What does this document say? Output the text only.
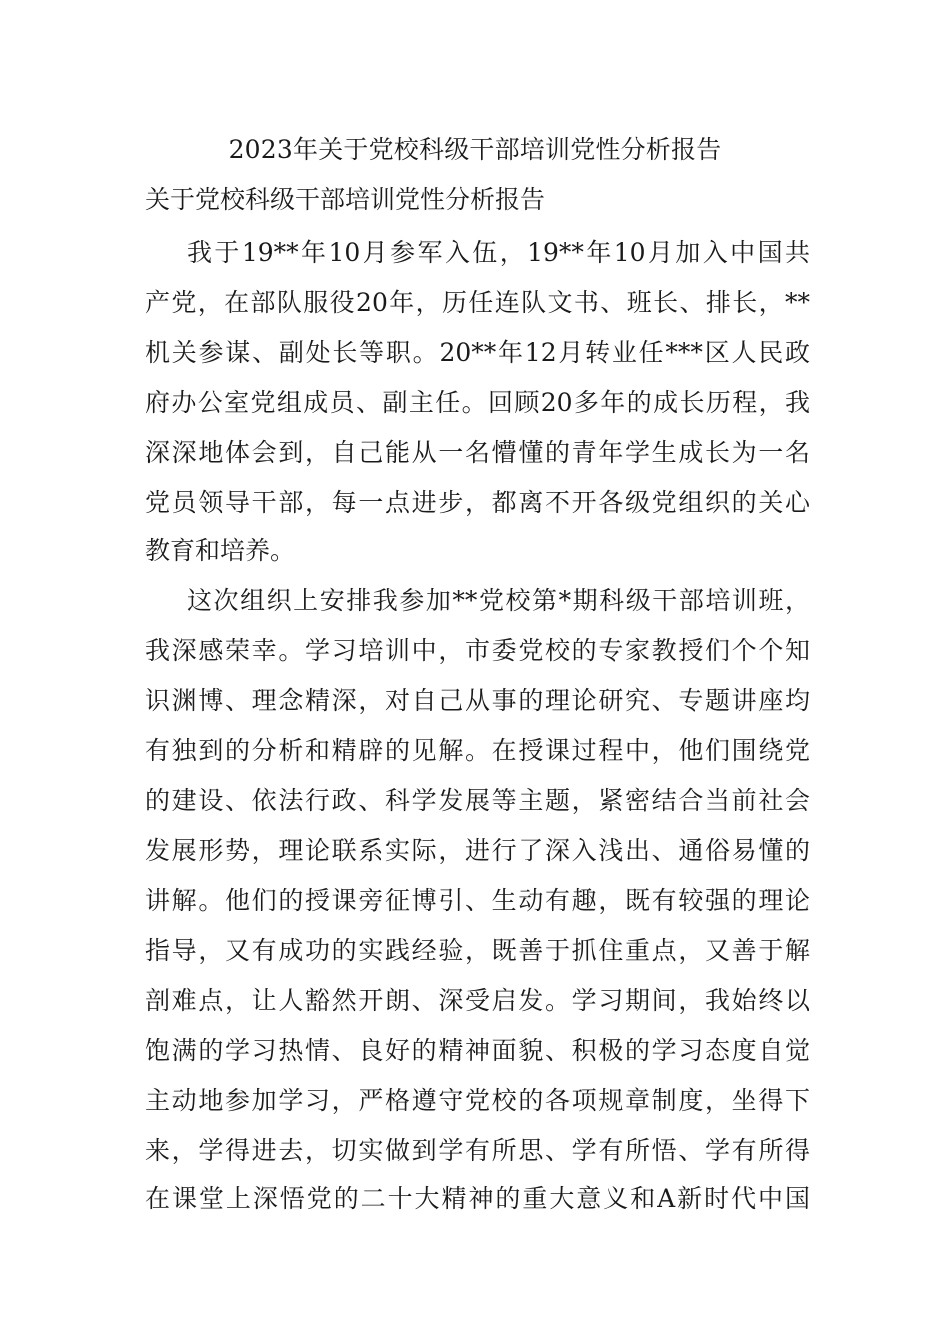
2023年关于党校科级干部培训党性分析报告
关于党校科级干部培训党性分析报告
我于19**年10月参军入伍，19**年10月加入中国共
产党，在部队服役20年，历任连队文书、班长、排长，**
机关参谋、副处长等职。20**年12月转业任***区人民政
府办公室党组成员、副主任。回顾20多年的成长历程，我
深深地体会到，自己能从一名懵懂的青年学生成长为一名
党员领导干部，每一点进步，都离不开各级党组织的关心
教育和培养。
这次组织上安排我参加**党校第*期科级干部培训班，
我深感荣幸。学习培训中，市委党校的专家教授们个个知
识渊博、理念精深，对自己从事的理论研究、专题讲座均
有独到的分析和精辟的见解。在授课过程中，他们围绕党
的建设、依法行政、科学发展等主题，紧密结合当前社会
发展形势，理论联系实际，进行了深入浅出、通俗易懂的
讲解。他们的授课旁征博引、生动有趣，既有较强的理论
指导，又有成功的实践经验，既善于抓住重点，又善于解
剖难点，让人豁然开朗、深受启发。学习期间，我始终以
饱满的学习热情、良好的精神面貌、积极的学习态度自觉
主动地参加学习，严格遵守党校的各项规章制度，坐得下
来，学得进去，切实做到学有所思、学有所悟、学有所得
在课堂上深悟党的二十大精神的重大意义和A新时代中国
